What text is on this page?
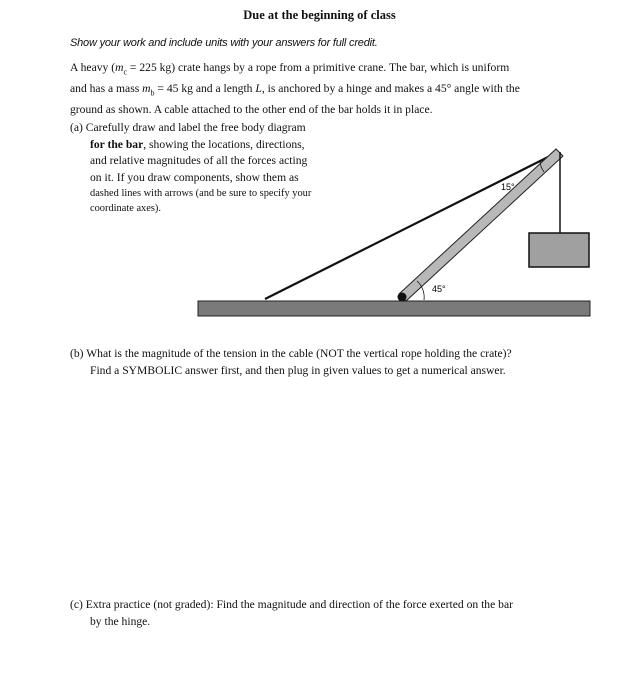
Due at the beginning of class
Show your work and include units with your answers for full credit.
A heavy ($m_c = 225$ kg) crate hangs by a rope from a primitive crane. The bar, which is uniform
and has a mass $m_b = 45$ kg and a length L, is anchored by a hinge and makes a 45° angle with the
ground as shown. A cable attached to the other end of the bar holds it in place.
(a) Carefully draw and label the free body diagram
for the bar, showing the locations, directions,
and relative magnitudes of all the forces acting
on it. If you draw components, show them as
dashed lines with arrows (and be sure to specify your
coordinate axes).
45°
15°
(b) What is the magnitude of the tension in the cable (NOT the vertical rope holding the crate)?
Find a SYMBOLIC answer first, and then plug in given values to get a numerical answer.
(c) Extra practice (not graded): Find the magnitude and direction of the force exerted on the bar
by the hinge.
